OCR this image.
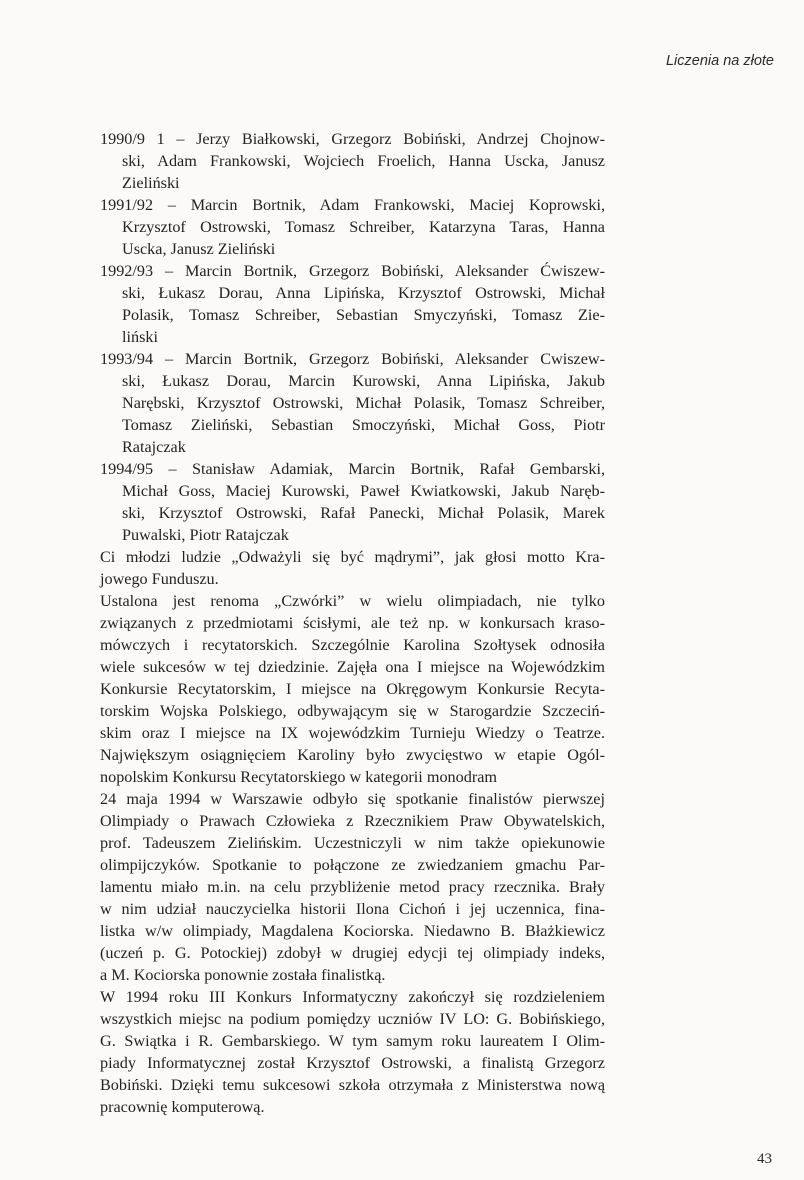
Liczenia na złote
1990/9 1 – Jerzy Białkowski, Grzegorz Bobiński, Andrzej Chojnow-
ski, Adam Frankowski, Wojciech Froelich, Hanna Uscka, Janusz
Zieliński
1991/92 – Marcin Bortnik, Adam Frankowski, Maciej Koprowski,
Krzysztof Ostrowski, Tomasz Schreiber, Katarzyna Taras, Hanna
Uscka, Janusz Zieliński
1992/93 – Marcin Bortnik, Grzegorz Bobiński, Aleksander Ćwiszew-
ski, Łukasz Dorau, Anna Lipińska, Krzysztof Ostrowski, Michał
Polasik, Tomasz Schreiber, Sebastian Smyczyński, Tomasz Zie-
liński
1993/94 – Marcin Bortnik, Grzegorz Bobiński, Aleksander Cwiszew-
ski, Łukasz Dorau, Marcin Kurowski, Anna Lipińska, Jakub
Narębski, Krzysztof Ostrowski, Michał Polasik, Tomasz Schreiber,
Tomasz Zieliński, Sebastian Smoczyński, Michał Goss, Piotr
Ratajczak
1994/95 – Stanisław Adamiak, Marcin Bortnik, Rafał Gembarski,
Michał Goss, Maciej Kurowski, Paweł Kwiatkowski, Jakub Naręb-
ski, Krzysztof Ostrowski, Rafał Panecki, Michał Polasik, Marek
Puwalski, Piotr Ratajczak
Ci młodzi ludzie „Odważyli się być mądrymi”, jak głosi motto Kra-
jowego Funduszu.
Ustalona jest renoma „Czwórki” w wielu olimpiadach, nie tylko
związanych z przedmiotami ścisłymi, ale też np. w konkursach kraso-
mówczych i recytatorskich. Szczególnie Karolina Szołtysek odnosiła
wiele sukcesów w tej dziedzinie. Zajęła ona I miejsce na Wojewódzkim
Konkursie Recytatorskim, I miejsce na Okręgowym Konkursie Recyta-
torskim Wojska Polskiego, odbywającym się w Starogardzie Szczeciń-
skim oraz I miejsce na IX wojewódzkim Turnieju Wiedzy o Teatrze.
Największym osiągnięciem Karoliny było zwycięstwo w etapie Ogól-
nopolskim Konkursu Recytatorskiego w kategorii monodram
24 maja 1994 w Warszawie odbyło się spotkanie finalistów pierwszej
Olimpiady o Prawach Człowieka z Rzecznikiem Praw Obywatelskich,
prof. Tadeuszem Zielińskim. Uczestniczyli w nim także opiekunowie
olimpijczyków. Spotkanie to połączone ze zwiedzaniem gmachu Par-
lamentu miało m.in. na celu przybliżenie metod pracy rzecznika. Brały
w nim udział nauczycielka historii Ilona Cichoń i jej uczennica, fina-
listka w/w olimpiady, Magdalena Kociorska. Niedawno B. Błażkiewicz
(uczeń p. G. Potockiej) zdobył w drugiej edycji tej olimpiady indeks,
a M. Kociorska ponownie została finalistką.
W 1994 roku III Konkurs Informatyczny zakończył się rozdzieleniem
wszystkich miejsc na podium pomiędzy uczniów IV LO: G. Bobińskiego,
G. Swiątka i R. Gembarskiego. W tym samym roku laureatem I Olim-
piady Informatycznej został Krzysztof Ostrowski, a finalistą Grzegorz
Bobiński. Dzięki temu sukcesowi szkoła otrzymała z Ministerstwa nową
pracownię komputerową.
43
